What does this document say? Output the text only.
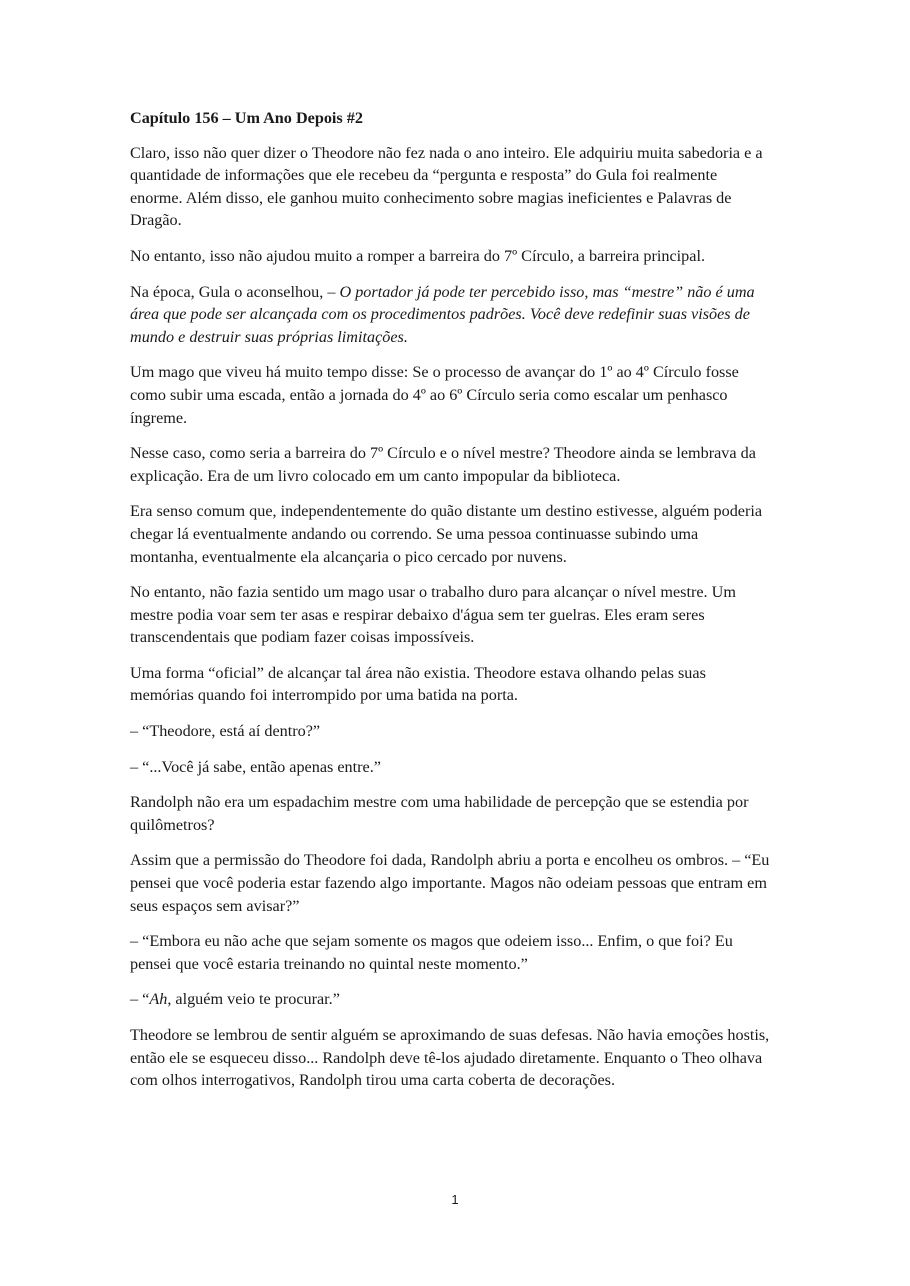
Capítulo 156 – Um Ano Depois #2

Claro, isso não quer dizer o Theodore não fez nada o ano inteiro. Ele adquiriu muita sabedoria e a quantidade de informações que ele recebeu da “pergunta e resposta” do Gula foi realmente enorme. Além disso, ele ganhou muito conhecimento sobre magias ineficientes e Palavras de Dragão.

No entanto, isso não ajudou muito a romper a barreira do 7º Círculo, a barreira principal.

Na época, Gula o aconselhou, – O portador já pode ter percebido isso, mas “mestre” não é uma área que pode ser alcançada com os procedimentos padrões. Você deve redefinir suas visões de mundo e destruir suas próprias limitações.

Um mago que viveu há muito tempo disse: Se o processo de avançar do 1º ao 4º Círculo fosse como subir uma escada, então a jornada do 4º ao 6º Círculo seria como escalar um penhasco íngreme.

Nesse caso, como seria a barreira do 7º Círculo e o nível mestre? Theodore ainda se lembrava da explicação. Era de um livro colocado em um canto impopular da biblioteca.

Era senso comum que, independentemente do quão distante um destino estivesse, alguém poderia chegar lá eventualmente andando ou correndo. Se uma pessoa continuasse subindo uma montanha, eventualmente ela alcançaria o pico cercado por nuvens.

No entanto, não fazia sentido um mago usar o trabalho duro para alcançar o nível mestre. Um mestre podia voar sem ter asas e respirar debaixo d'água sem ter guelras. Eles eram seres transcendentais que podiam fazer coisas impossíveis.

Uma forma “oficial” de alcançar tal área não existia. Theodore estava olhando pelas suas memórias quando foi interrompido por uma batida na porta.

– “Theodore, está aí dentro?”

– “...Você já sabe, então apenas entre.”

Randolph não era um espadachim mestre com uma habilidade de percepção que se estendia por quilômetros?

Assim que a permissão do Theodore foi dada, Randolph abriu a porta e encolheu os ombros. – “Eu pensei que você poderia estar fazendo algo importante. Magos não odeiam pessoas que entram em seus espaços sem avisar?”

– “Embora eu não ache que sejam somente os magos que odeiem isso... Enfim, o que foi? Eu pensei que você estaria treinando no quintal neste momento.”

– “Ah, alguém veio te procurar.”

Theodore se lembrou de sentir alguém se aproximando de suas defesas. Não havia emoções hostis, então ele se esqueceu disso... Randolph deve tê-los ajudado diretamente. Enquanto o Theo olhava com olhos interrogativos, Randolph tirou uma carta coberta de decorações.

1
